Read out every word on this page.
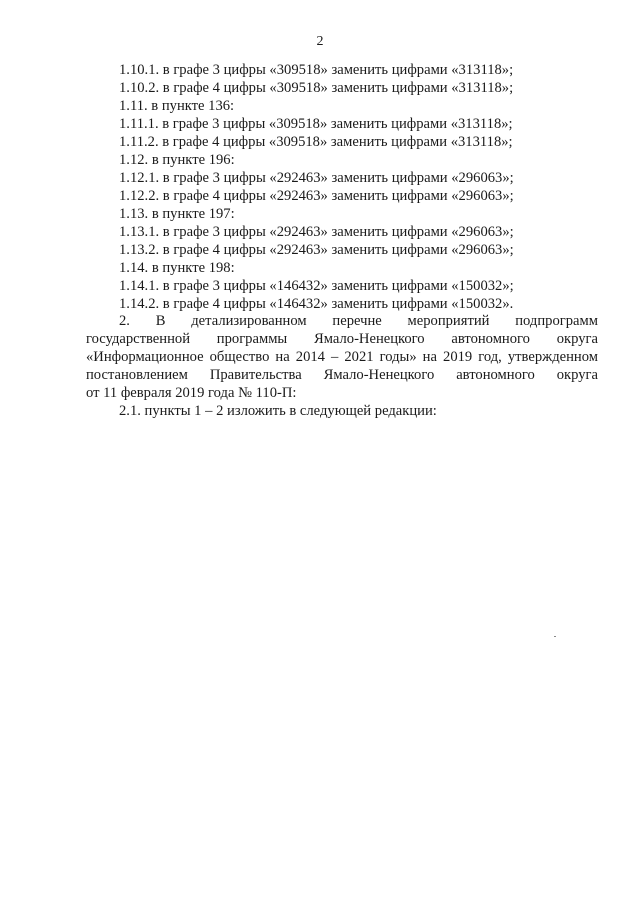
2
1.10.1. в графе 3 цифры «309518» заменить цифрами «313118»;
1.10.2. в графе 4 цифры «309518» заменить цифрами «313118»;
1.11. в пункте 136:
1.11.1. в графе 3 цифры «309518» заменить цифрами «313118»;
1.11.2. в графе 4 цифры «309518» заменить цифрами «313118»;
1.12. в пункте 196:
1.12.1. в графе 3 цифры «292463» заменить цифрами «296063»;
1.12.2. в графе 4 цифры «292463» заменить цифрами «296063»;
1.13. в пункте 197:
1.13.1. в графе 3 цифры «292463» заменить цифрами «296063»;
1.13.2. в графе 4 цифры «292463» заменить цифрами «296063»;
1.14. в пункте 198:
1.14.1. в графе 3 цифры «146432» заменить цифрами «150032»;
1.14.2. в графе 4 цифры «146432» заменить цифрами «150032».
2. В детализированном перечне мероприятий подпрограмм
государственной программы Ямало-Ненецкого автономного округа
«Информационное общество на 2014 – 2021 годы» на 2019 год, утвержденном
постановлением Правительства Ямало-Ненецкого автономного округа
от 11 февраля 2019 года № 110-П:
2.1. пункты 1 – 2 изложить в следующей редакции:
